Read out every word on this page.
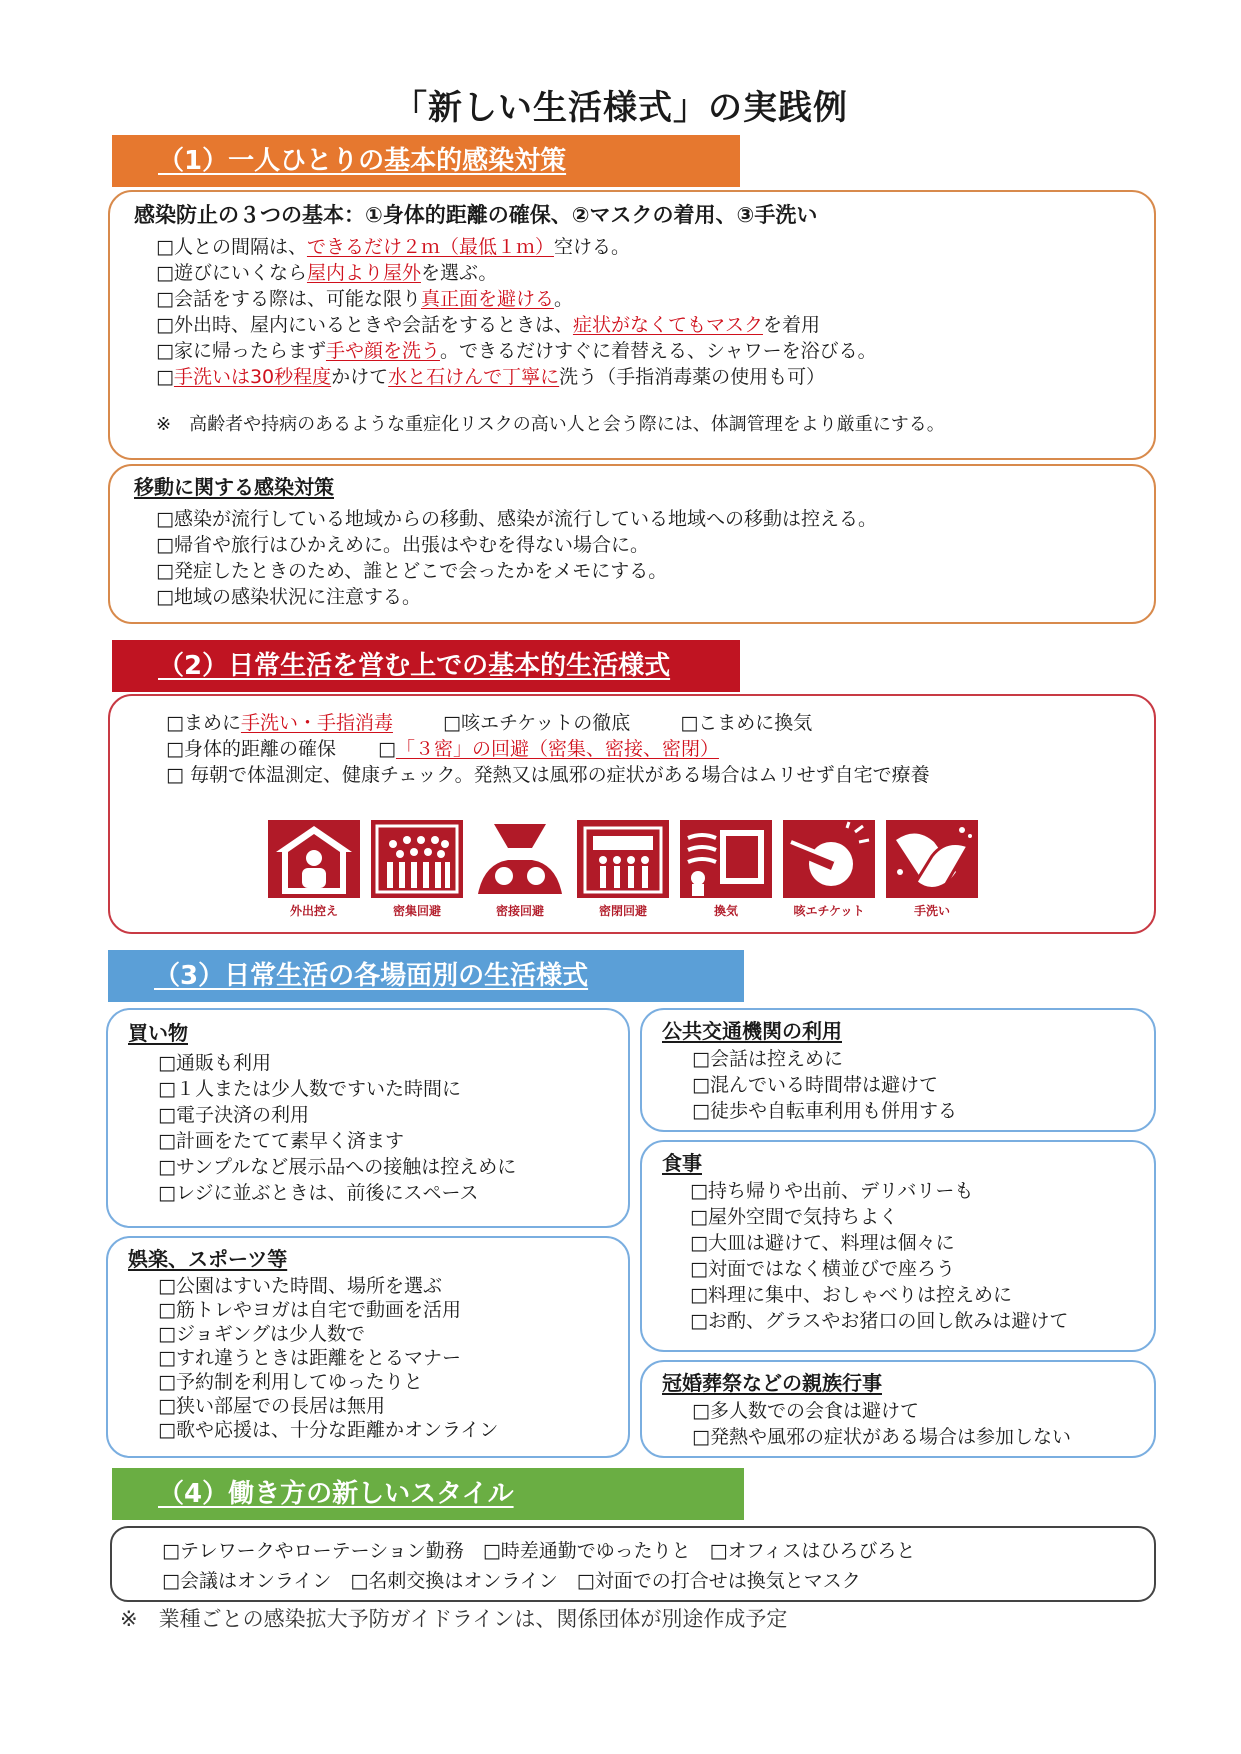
「新しい生活様式」の実践例
（1）一人ひとりの基本的感染対策
感染防止の３つの基本：①身体的距離の確保、②マスクの着用、③手洗い
□人との間隔は、できるだけ２ｍ（最低１ｍ）空ける。
□遊びにいくなら屋内より屋外を選ぶ。
□会話をする際は、可能な限り真正面を避ける。
□外出時、屋内にいるときや会話をするときは、症状がなくてもマスクを着用
□家に帰ったらまず手や顔を洗う。できるだけすぐに着替える、シャワーを浴びる。
□手洗いは30秒程度かけて水と石けんで丁寧に洗う（手指消毒薬の使用も可）
※　高齢者や持病のあるような重症化リスクの高い人と会う際には、体調管理をより厳重にする。
移動に関する感染対策
□感染が流行している地域からの移動、感染が流行している地域への移動は控える。
□帰省や旅行はひかえめに。出張はやむを得ない場合に。
□発症したときのため、誰とどこで会ったかをメモにする。
□地域の感染状況に注意する。
（2）日常生活を営む上での基本的生活様式
□まめに手洗い・手指消毒	□咳エチケットの徹底	□こまめに換気
□身体的距離の確保 □「３密」の回避（密集、密接、密閉）
□ 毎朝で体温測定、健康チェック。発熱又は風邪の症状がある場合はムリせず自宅で療養
外出控え	密集回避	密接回避	密閉回避	換気	咳エチケット	手洗い
（3）日常生活の各場面別の生活様式
買い物
□通販も利用
□１人または少人数ですいた時間に
□電子決済の利用
□計画をたてて素早く済ます
□サンプルなど展示品への接触は控えめに
□レジに並ぶときは、前後にスペース
娯楽、スポーツ等
□公園はすいた時間、場所を選ぶ
□筋トレやヨガは自宅で動画を活用
□ジョギングは少人数で
□すれ違うときは距離をとるマナー
□予約制を利用してゆったりと
□狭い部屋での長居は無用
□歌や応援は、十分な距離かオンライン
公共交通機関の利用
□会話は控えめに
□混んでいる時間帯は避けて
□徒歩や自転車利用も併用する
食事
□持ち帰りや出前、デリバリーも
□屋外空間で気持ちよく
□大皿は避けて、料理は個々に
□対面ではなく横並びで座ろう
□料理に集中、おしゃべりは控えめに
□お酌、グラスやお猪口の回し飲みは避けて
冠婚葬祭などの親族行事
□多人数での会食は避けて
□発熱や風邪の症状がある場合は参加しない
（4）働き方の新しいスタイル
□テレワークやローテーション勤務　□時差通勤でゆったりと　□オフィスはひろびろと
□会議はオンライン　□名刺交換はオンライン　□対面での打合せは換気とマスク
※　業種ごとの感染拡大予防ガイドラインは、関係団体が別途作成予定
